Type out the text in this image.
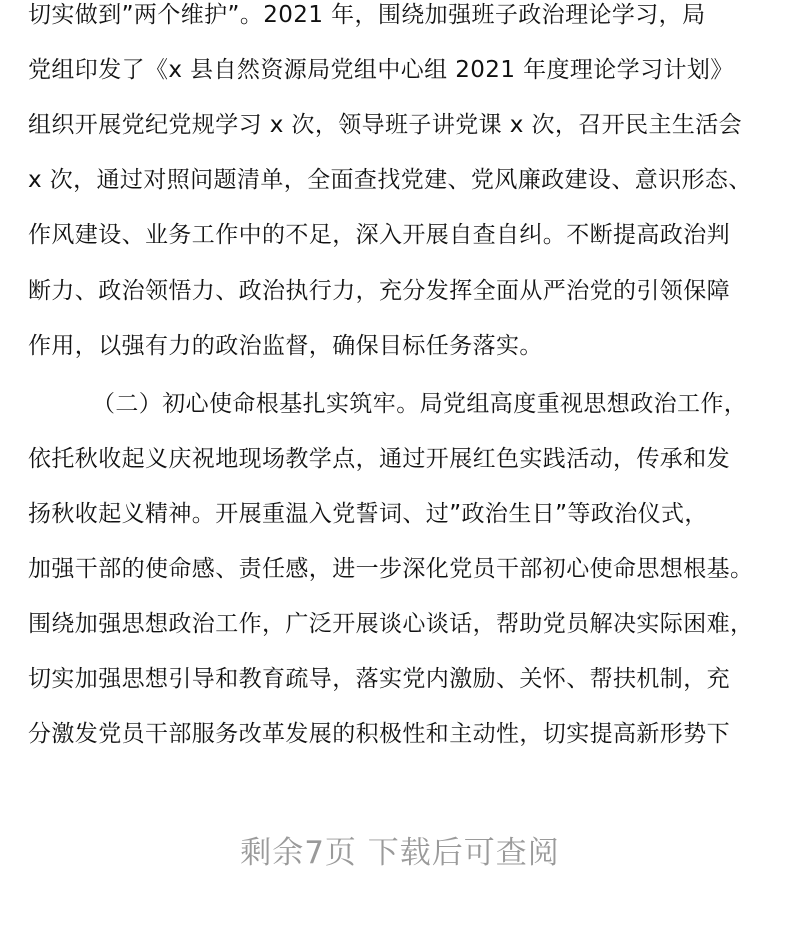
切实做到”两个维护”。2021 年，围绕加强班子政治理论学习，局
党组印发了《x 县自然资源局党组中心组 2021 年度理论学习计划》
组织开展党纪党规学习 x 次，领导班子讲党课 x 次，召开民主生活会
x 次，通过对照问题清单，全面查找党建、党风廉政建设、意识形态、
作风建设、业务工作中的不足，深入开展自查自纠。不断提高政治判
断力、政治领悟力、政治执行力，充分发挥全面从严治党的引领保障
作用，以强有力的政治监督，确保目标任务落实。
（二）初心使命根基扎实筑牢。局党组高度重视思想政治工作，
依托秋收起义庆祝地现场教学点，通过开展红色实践活动，传承和发
扬秋收起义精神。开展重温入党誓词、过”政治生日”等政治仪式，
加强干部的使命感、责任感，进一步深化党员干部初心使命思想根基。
围绕加强思想政治工作，广泛开展谈心谈话，帮助党员解决实际困难，
切实加强思想引导和教育疏导，落实党内激励、关怀、帮扶机制，充
分激发党员干部服务改革发展的积极性和主动性，切实提高新形势下
剩余7页 下载后可查阅
